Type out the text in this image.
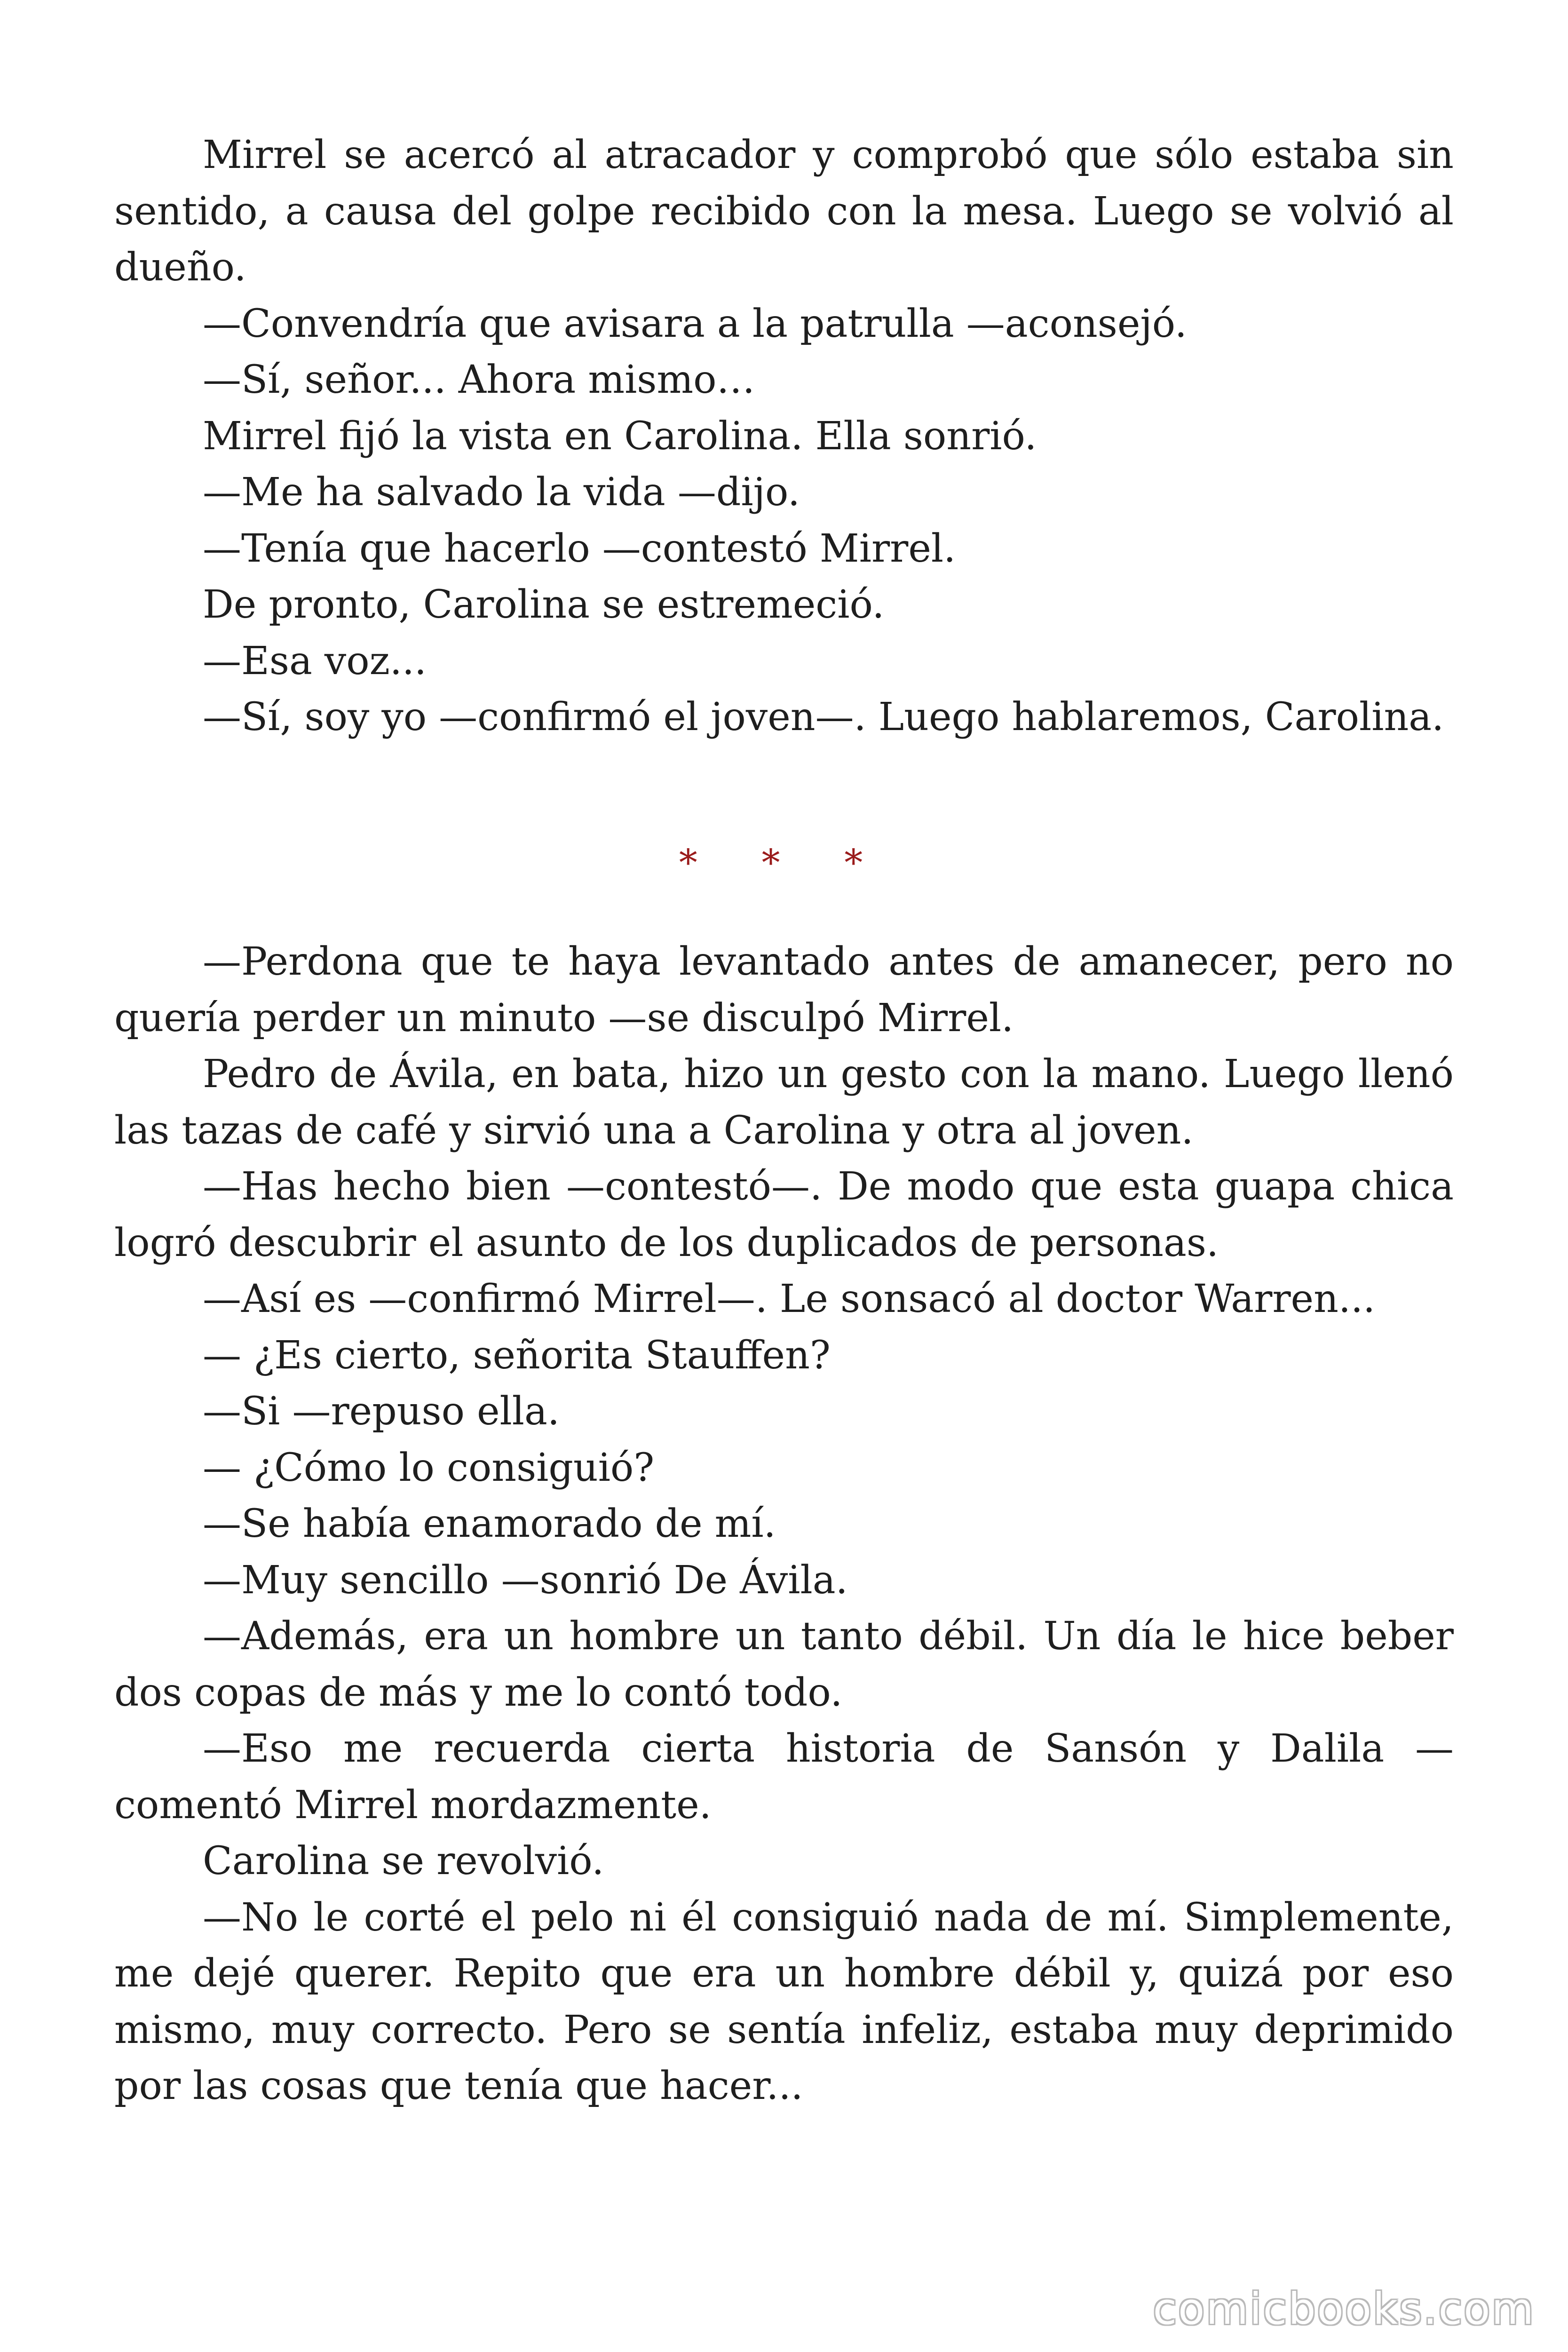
Mirrel se acercó al atracador y comprobó que sólo estaba sin sentido, a causa del golpe recibido con la mesa. Luego se volvió al dueño.

—Convendría que avisara a la patrulla —aconsejó.

—Sí, señor... Ahora mismo…

Mirrel fijó la vista en Carolina. Ella sonrió.

—Me ha salvado la vida —dijo.

—Tenía que hacerlo —contestó Mirrel.

De pronto, Carolina se estremeció.

—Esa voz...

—Sí, soy yo —confirmó el joven—. Luego hablaremos, Carolina.

* * *

—Perdona que te haya levantado antes de amanecer, pero no quería perder un minuto —se disculpó Mirrel.

Pedro de Ávila, en bata, hizo un gesto con la mano. Luego llenó las tazas de café y sirvió una a Carolina y otra al joven.

—Has hecho bien —contestó—. De modo que esta guapa chica logró descubrir el asunto de los duplicados de personas.

—Así es —confirmó Mirrel—. Le sonsacó al doctor Warren...

— ¿Es cierto, señorita Stauffen?

—Si —repuso ella.

— ¿Cómo lo consiguió?

—Se había enamorado de mí.

—Muy sencillo —sonrió De Ávila.

—Además, era un hombre un tanto débil. Un día le hice beber dos copas de más y me lo contó todo.

—Eso me recuerda cierta historia de Sansón y Dalila — comentó Mirrel mordazmente.

Carolina se revolvió.

—No le corté el pelo ni él consiguió nada de mí. Simplemente, me dejé querer. Repito que era un hombre débil y, quizá por eso mismo, muy correcto. Pero se sentía infeliz, estaba muy deprimido por las cosas que tenía que hacer...

comicbooks.com
